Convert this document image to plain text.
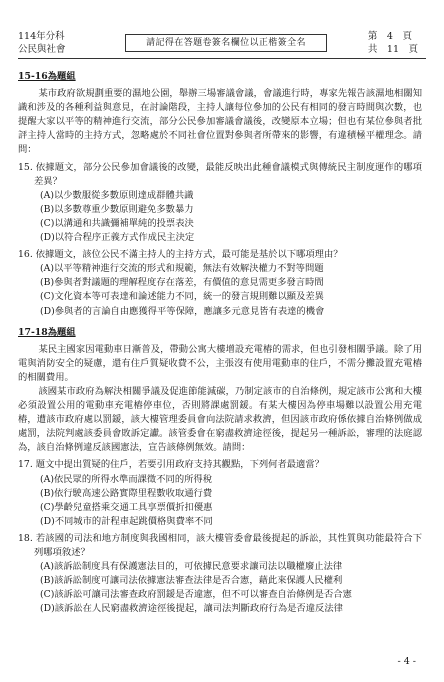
114年分科
公民與社會
請記得在答題卷簽名欄位以正楷簽全名
第　4　頁
共　11　頁
15-16為題組

某市政府欲規劃重要的濕地公園，舉辦三場審議會議，會議進行時，專家先報告該濕地相關知識和涉及的各種利益與意見，在討論階段，主持人讓每位參加的公民有相同的發言時間與次數，也提醒大家以平等的精神進行交流，部分公民參加審議會議後，改變原本立場；但也有某位參與者批評主持人當時的主持方式，忽略處於不同社會位置對參與者所帶來的影響，有違積極平權理念。請問：

15. 依據題文，部分公民參加會議後的改變，最能反映出此種會議模式與傳統民主制度運作的哪項差異？
(A)以少數服從多數原則達成群體共識
(B)以多數尊重少數原則避免多數暴力
(C)以溝通和共識彌補單純的投票表決
(D)以符合程序正義方式作成民主決定
16. 依據題文，該位公民不滿主持人的主持方式，最可能是基於以下哪項理由？
(A)以平等精神進行交流的形式和規範，無法有效解決權力不對等問題
(B)參與者對議題的理解程度存在落差，有價值的意見需更多發言時間
(C)文化資本等可表達和論述能力不同，統一的發言規則難以顯及差異
(D)參與者的言論自由應獲得平等保障，應讓多元意見皆有表達的機會
17-18為題組

某民主國家因電動車日漸普及，帶動公寓大樓增設充電樁的需求，但也引發相關爭議。除了用電與消防安全的疑慮，還有住戶質疑收費不公，主張沒有使用電動車的住戶，不需分攤設置充電樁的相關費用。

該國某市政府為解決相關爭議及促進節能減碳，乃制定該市的自治條例，規定該市公寓和大樓必須設置公用的電動車充電樁停車位，否則將課處罰鍰。有某大樓因為停車場難以設置公用充電樁，遭該市政府處以罰鍰，該大樓管理委員會向法院請求救濟，但因該市政府係依據自治條例做成處罰，法院判處該委員會敗訴定讞。該管委會在窮盡救濟途徑後，提起另一種訴訟，審理的法庭認為，該自治條例違反該國憲法，宣告該條例無效。請問：

17. 題文中提出質疑的住戶，若要引用政府支持其觀點，下列何者最適當？
(A)依民眾的所得水準而課徵不同的所得稅
(B)依行駛高速公路實際里程數收取通行費
(C)學齡兒童搭乘交通工具享票價折扣優惠
(D)不同城市的計程車起跳價格與費率不同
18. 若該國的司法和地方制度與我國相同，該大樓管委會最後提起的訴訟，其性質與功能最符合下列哪項敘述？
(A)該訴訟制度具有保護憲法目的，可依據民意要求讓司法以職權廢止法律
(B)該訴訟制度可讓司法依據憲法審查法律是否合憲，藉此來保護人民權利
(C)該訴訟可讓司法審查政府罰鍰是否違憲，但不可以審查自治條例是否合憲
(D)該訴訟在人民窮盡救濟途徑後提起，讓司法判斷政府行為是否違反法律
- 4 -
